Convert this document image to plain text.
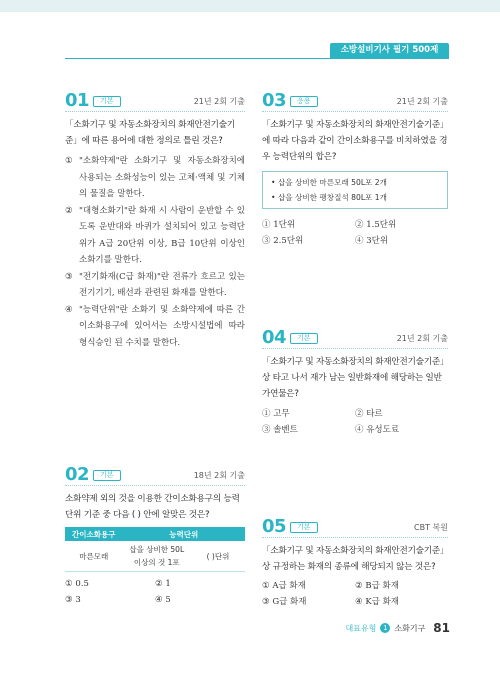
소방설비기사 필기 500제
01	기본	21년 2회 기출
「소화기구 및 자동소화장치의 화재안전기술기준」에 따른 용어에 대한 정의로 틀린 것은?
① "소화약제"란 소화기구 및 자동소화장치에 사용되는 소화성능이 있는 고체·액체 및 기체의 물질을 말한다.
② "대형소화기"란 화재 시 사람이 운반할 수 있도록 운반대와 바퀴가 설치되어 있고 능력단위가 A급 20단위 이상, B급 10단위 이상인 소화기를 말한다.
③ "전기화재(C급 화재)"란 전류가 흐르고 있는 전기기기, 배선과 관련된 화재를 말한다.
④ "능력단위"란 소화기 및 소화약제에 따른 간이소화용구에 있어서는 소방시설법에 따라 형식승인 된 수치를 말한다.
02	기본	18년 2회 기출
소화약제 외의 것을 이용한 간이소화용구의 능력단위 기준 중 다음 ( ) 안에 알맞은 것은?
간이소화용구	능력단위	
마른모래	삽을 상비한 50L 이상의 것 1포	( )단위
① 0.5	② 1
③ 3	④ 5
03	응용	21년 2회 기출
「소화기구 및 자동소화장치의 화재안전기술기준」에 따라 다음과 같이 간이소화용구를 비치하였을 경우 능력단위의 합은?
• 삽을 상비한 마른모래 50L포 2개
• 삽을 상비한 팽창질석 80L포 1개
① 1단위	② 1.5단위
③ 2.5단위	④ 3단위
04	기본	21년 2회 기출
「소화기구 및 자동소화장치의 화재안전기술기준」상 타고 나서 재가 남는 일반화재에 해당하는 일반 가연물은?
① 고무	② 타르
③ 솔벤트	④ 유성도료
05	기본	CBT 복원
「소화기구 및 자동소화장치의 화재안전기술기준」상 규정하는 화재의 종류에 해당되지 않는 것은?
① A급 화재	② B급 화재
③ G급 화재	④ K급 화재
대표유형 1 소화기구 81
